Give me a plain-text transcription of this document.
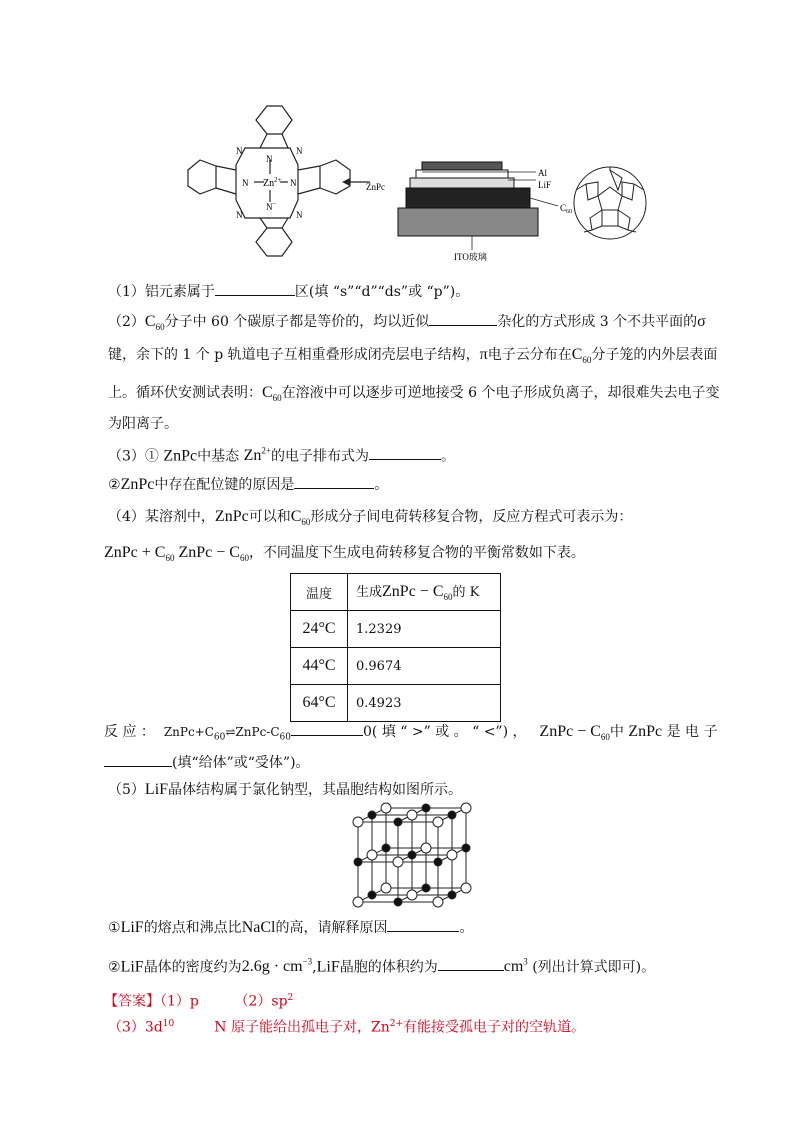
$Zn^{2+}$
N	N
N
N−
N	N
N	N
ZnPc
Al
LiF
$C_{60}$
ITO玻璃
（1）铝元素属于	区(填 “s”“d”“ds”或 “p”)。
$(2)C_{60}$分子中 60 个碳原子都是等价的，均以近似	杂化的方式形成 3 个不共平面的σ
键，余下的 1 个 p 轨道电子互相重叠形成闭壳层电子结构，π电子云分布在$C_{60}$分子笼的内外层表面
上。循环伏安测试表明：$C_{60}$在溶液中可以逐步可逆地接受 6 个电子形成负离子，却很难失去电子变
为阳离子。
（3）① ZnPc中基态 $Zn^{2+}$的电子排布式为	。
②ZnPc中存在配位键的原因是	。
（4）某溶剂中，ZnPc可以和$C_{60}$形成分子间电荷转移复合物，反应方程式可表示为：
ZnPc + $C_{60}$ ZnPc − $C_{60}$，不同温度下生成电荷转移复合物的平衡常数如下表。
温度	生成ZnPc − $C_{60}$的 K
24°C	1.2329
44°C	0.9674
64°C	0.4923
反 应 ： $ZnPc+C_{60}\rightleftharpoons ZnPc-C_{60}$	0( 填 “ >” 或 。 “ <”) ，   ZnPc − $C_{60}$中 ZnPc 是 电 子
(填“给体”或“受体”)。
（5）LiF晶体结构属于氯化钠型，其晶胞结构如图所示。
①LiF的熔点和沸点比NaCl的高，请解释原因	。
②LiF晶体的密度约为$2.6g \cdot cm^{-3},LiF$晶胞的体积约为	$cm^3$ (列出计算式即可)。
【答案】（1）p	$(2)sp^2$
$(3)3d^{10}$	N 原子能给出孤电子对，$Zn^{2+}$有能接受孤电子对的空轨道。
